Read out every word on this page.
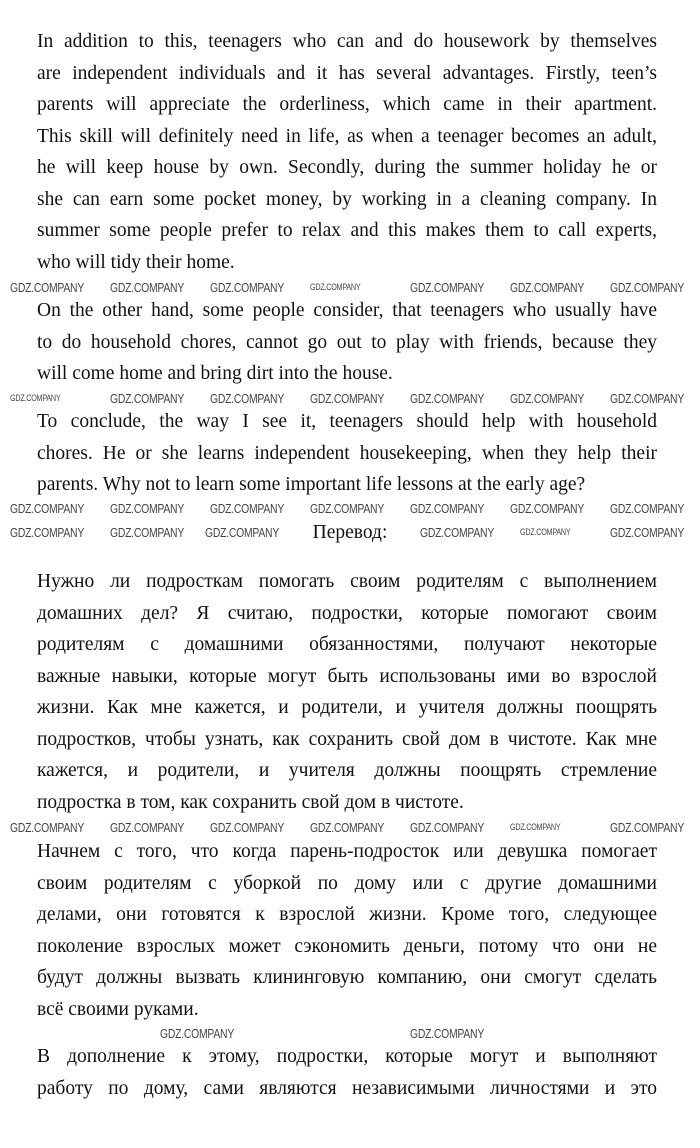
In addition to this, teenagers who can and do housework by themselves
are independent individuals and it has several advantages. Firstly, teen’s
parents will appreciate the orderliness, which came in their apartment.
This skill will definitely need in life, as when a teenager becomes an adult,
he will keep house by own. Secondly, during the summer holiday he or
she can earn some pocket money, by working in a cleaning company. In
summer some people prefer to relax and this makes them to call experts,
who will tidy their home.
On the other hand, some people consider, that teenagers who usually have
to do household chores, cannot go out to play with friends, because they
will come home and bring dirt into the house.
To conclude, the way I see it, teenagers should help with household
chores. He or she learns independent housekeeping, when they help their
parents. Why not to learn some important life lessons at the early age?
Перевод:
Нужно ли подросткам помогать своим родителям с выполнением
домашних дел? Я считаю, подростки, которые помогают своим
родителям с домашними обязанностями, получают некоторые
важные навыки, которые могут быть использованы ими во взрослой
жизни. Как мне кажется, и родители, и учителя должны поощрять
подростков, чтобы узнать, как сохранить свой дом в чистоте. Как мне
кажется, и родители, и учителя должны поощрять стремление
подростка в том, как сохранить свой дом в чистоте.
Начнем с того, что когда парень-подросток или девушка помогает
своим родителям с уборкой по дому или с другие домашними
делами, они готовятся к взрослой жизни. Кроме того, следующее
поколение взрослых может сэкономить деньги, потому что они не
будут должны вызвать клининговую компанию, они смогут сделать
всё своими руками.
В дополнение к этому, подростки, которые могут и выполняют
работу по дому, сами являются независимыми личностями и это
GDZ.COMPANY GDZ.COMPANY GDZ.COMPANY	GDZ.COMPANY	GDZ.COMPANY GDZ.COMPANY GDZ.COMPANY
GDZ.COMPANY	GDZ.COMPANY GDZ.COMPANY GDZ.COMPANY GDZ.COMPANY GDZ.COMPANY GDZ.COMPANY
GDZ.COMPANY GDZ.COMPANY GDZ.COMPANY GDZ.COMPANY GDZ.COMPANY GDZ.COMPANY GDZ.COMPANY
GDZ.COMPANY GDZ.COMPANY GDZ.COMPANY	GDZ.COMPANY	GDZ.COMPANY	GDZ.COMPANY
GDZ.COMPANY GDZ.COMPANY GDZ.COMPANY GDZ.COMPANY GDZ.COMPANY	GDZ.COMPANY	GDZ.COMPANY
GDZ.COMPANY	GDZ.COMPANY
